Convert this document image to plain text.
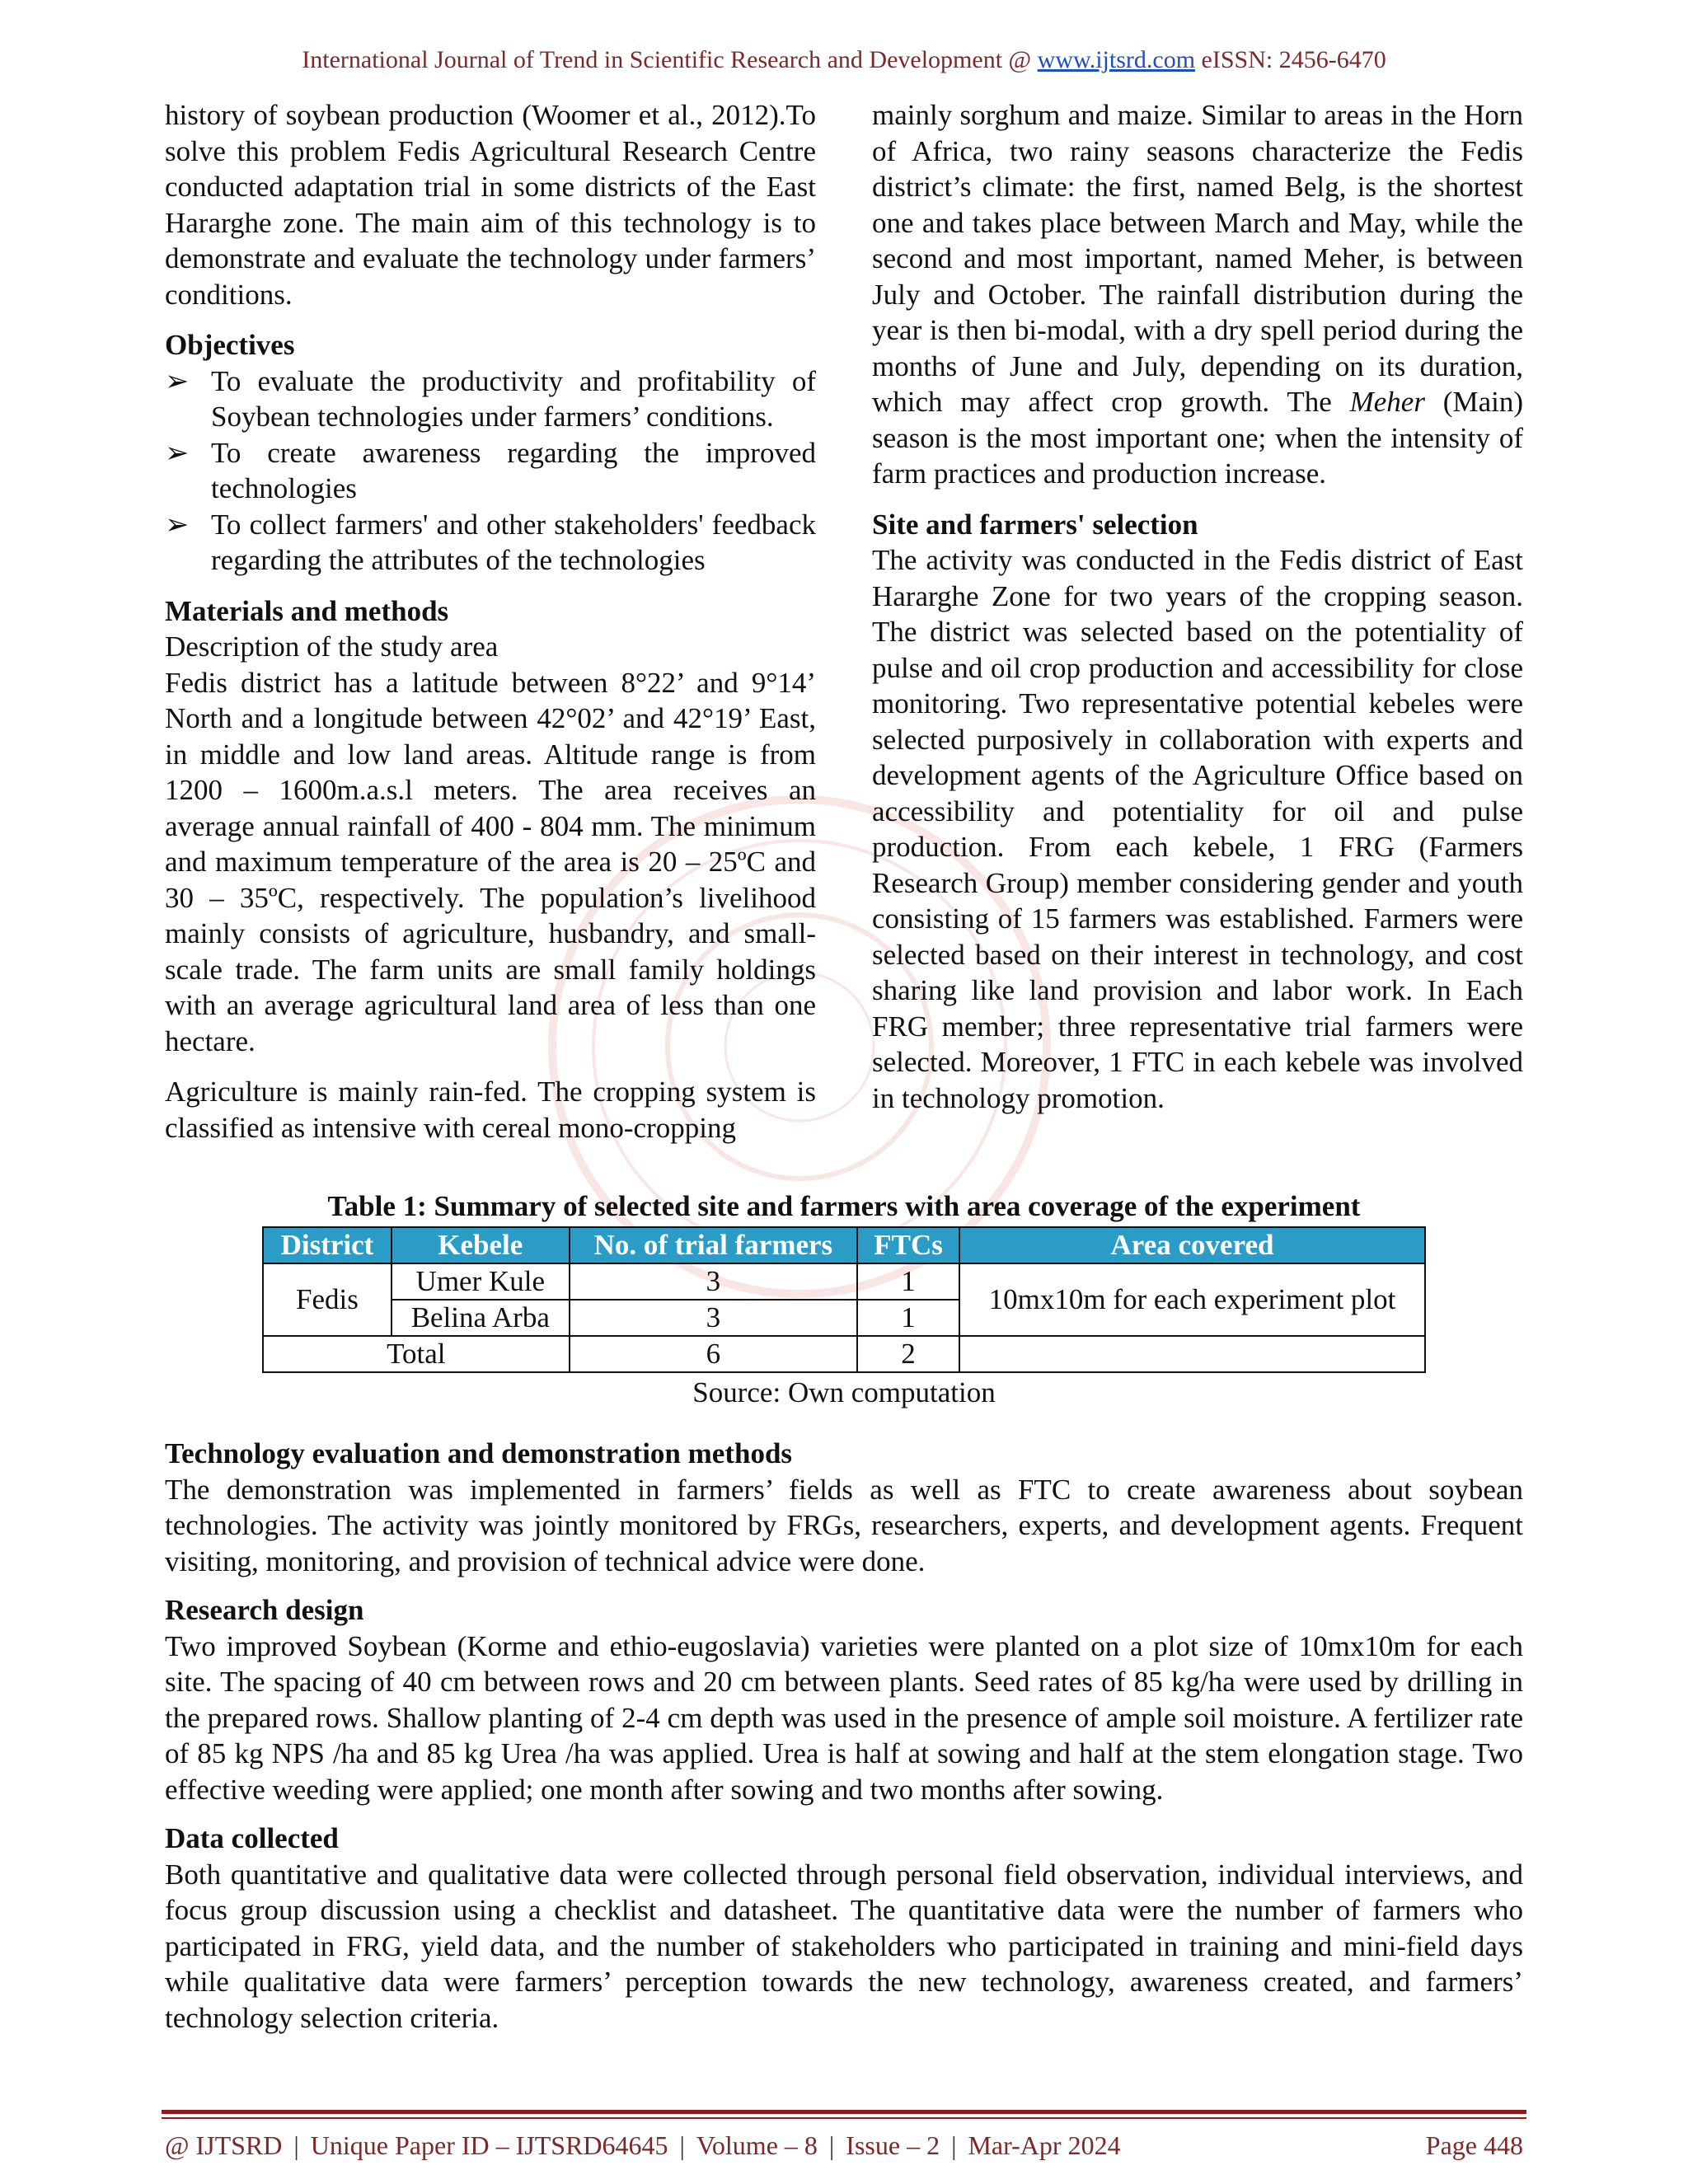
International Journal of Trend in Scientific Research and Development @ www.ijtsrd.com eISSN: 2456-6470

history of soybean production (Woomer et al., 2012).To solve this problem Fedis Agricultural Research Centre conducted adaptation trial in some districts of the East Hararghe zone. The main aim of this technology is to demonstrate and evaluate the technology under farmers’ conditions.

Objectives
➢ To evaluate the productivity and profitability of Soybean technologies under farmers’ conditions.
➢ To create awareness regarding the improved technologies
➢ To collect farmers' and other stakeholders' feedback regarding the attributes of the technologies
Materials and methods
Description of the study area

Fedis district has a latitude between 8°22’ and 9°14’ North and a longitude between 42°02’ and 42°19’ East, in middle and low land areas. Altitude range is from 1200 – 1600m.a.s.l meters. The area receives an average annual rainfall of 400 - 804 mm. The minimum and maximum temperature of the area is 20 – 25ºC and 30 – 35ºC, respectively. The population’s livelihood mainly consists of agriculture, husbandry, and small-scale trade. The farm units are small family holdings with an average agricultural land area of less than one hectare.

Agriculture is mainly rain-fed. The cropping system is classified as intensive with cereal mono-cropping

mainly sorghum and maize. Similar to areas in the Horn of Africa, two rainy seasons characterize the Fedis district’s climate: the first, named Belg, is the shortest one and takes place between March and May, while the second and most important, named Meher, is between July and October. The rainfall distribution during the year is then bi-modal, with a dry spell period during the months of June and July, depending on its duration, which may affect crop growth. The Meher (Main) season is the most important one; when the intensity of farm practices and production increase.

Site and farmers' selection

The activity was conducted in the Fedis district of East Hararghe Zone for two years of the cropping season. The district was selected based on the potentiality of pulse and oil crop production and accessibility for close monitoring. Two representative potential kebeles were selected purposively in collaboration with experts and development agents of the Agriculture Office based on accessibility and potentiality for oil and pulse production. From each kebele, 1 FRG (Farmers Research Group) member considering gender and youth consisting of 15 farmers was established. Farmers were selected based on their interest in technology, and cost sharing like land provision and labor work. In Each FRG member; three representative trial farmers were selected. Moreover, 1 FTC in each kebele was involved in technology promotion.

Table 1: Summary of selected site and farmers with area coverage of the experiment
District	Kebele	No. of trial farmers	FTCs	Area covered
Fedis	Umer Kule	3	1	10mx10m for each experiment plot
	Belina Arba	3	1	
Total		6	2	
Source: Own computation
Technology evaluation and demonstration methods

The demonstration was implemented in farmers’ fields as well as FTC to create awareness about soybean technologies. The activity was jointly monitored by FRGs, researchers, experts, and development agents. Frequent visiting, monitoring, and provision of technical advice were done.

Research design

Two improved Soybean (Korme and ethio-eugoslavia) varieties were planted on a plot size of 10mx10m for each site. The spacing of 40 cm between rows and 20 cm between plants. Seed rates of 85 kg/ha were used by drilling in the prepared rows. Shallow planting of 2-4 cm depth was used in the presence of ample soil moisture. A fertilizer rate of 85 kg NPS /ha and 85 kg Urea /ha was applied. Urea is half at sowing and half at the stem elongation stage. Two effective weeding were applied; one month after sowing and two months after sowing.

Data collected

Both quantitative and qualitative data were collected through personal field observation, individual interviews, and focus group discussion using a checklist and datasheet. The quantitative data were the number of farmers who participated in FRG, yield data, and the number of stakeholders who participated in training and mini-field days while qualitative data were farmers’ perception towards the new technology, awareness created, and farmers’ technology selection criteria.

@ IJTSRD | Unique Paper ID – IJTSRD64645 | Volume – 8 | Issue – 2 | Mar-Apr 2024	Page 448
